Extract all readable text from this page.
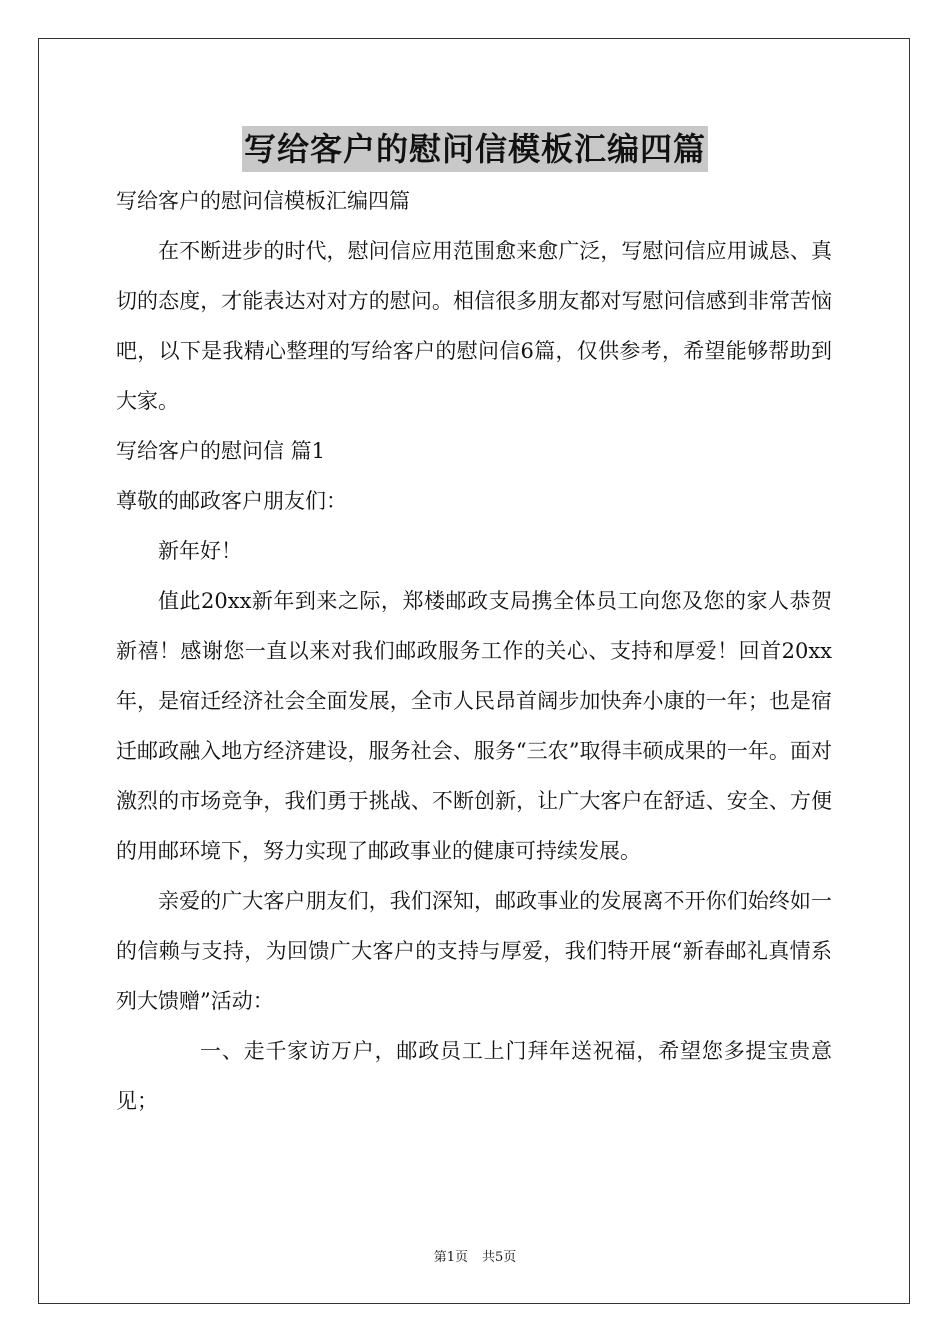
写给客户的慰问信模板汇编四篇

写给客户的慰问信模板汇编四篇

在不断进步的时代，慰问信应用范围愈来愈广泛，写慰问信应用诚恳、真切的态度，才能表达对对方的慰问。相信很多朋友都对写慰问信感到非常苦恼吧，以下是我精心整理的写给客户的慰问信6篇，仅供参考，希望能够帮助到大家。

写给客户的慰问信 篇1

尊敬的邮政客户朋友们：

新年好！

值此20xx新年到来之际，郑楼邮政支局携全体员工向您及您的家人恭贺新禧！感谢您一直以来对我们邮政服务工作的关心、支持和厚爱！回首20xx年，是宿迁经济社会全面发展，全市人民昂首阔步加快奔小康的一年；也是宿迁邮政融入地方经济建设，服务社会、服务“三农”取得丰硕成果的一年。面对激烈的市场竞争，我们勇于挑战、不断创新，让广大客户在舒适、安全、方便的用邮环境下，努力实现了邮政事业的健康可持续发展。

亲爱的广大客户朋友们，我们深知，邮政事业的发展离不开你们始终如一的信赖与支持，为回馈广大客户的支持与厚爱，我们特开展“新春邮礼真情系列大馈赠”活动：

一、走千家访万户，邮政员工上门拜年送祝福，希望您多提宝贵意见；

第1页 共5页
